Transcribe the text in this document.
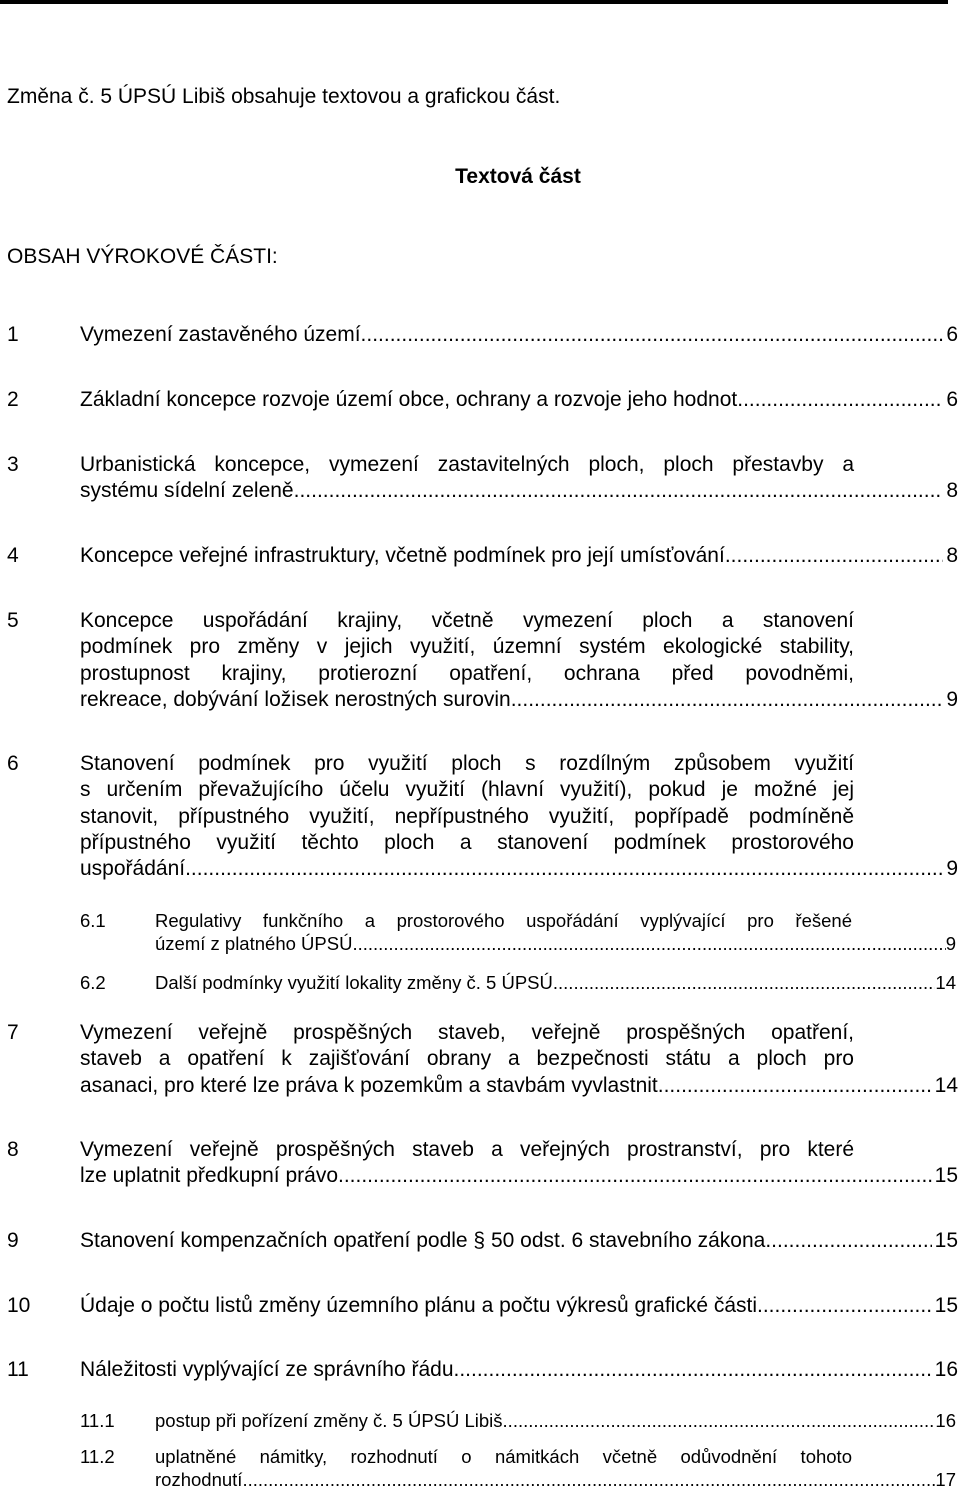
Změna č. 5 ÚPSÚ Libiš obsahuje textovou a grafickou část.
Textová část
OBSAH VÝROKOVÉ ČÁSTI:
1	Vymezení zastavěného území .....	6
2	Základní koncepce rozvoje území obce, ochrany a rozvoje jeho hodnot .....	6
3	Urbanistická koncepce, vymezení zastavitelných ploch, ploch přestavby a
systému sídelní zeleně .....	8
4	Koncepce veřejné infrastruktury, včetně podmínek pro její umísťování .....	8
5	Koncepce uspořádání krajiny, včetně vymezení ploch a stanovení
podmínek pro změny v jejich využití, územní systém ekologické stability,
prostupnost krajiny, protierozní opatření, ochrana před povodněmi,
rekreace, dobývání ložisek nerostných surovin .....	9
6	Stanovení podmínek pro využití ploch s rozdílným způsobem využití
s určením převažujícího účelu využití (hlavní využití), pokud je možné jej
stanovit, přípustného využití, nepřípustného využití, popřípadě podmíněně
přípustného využití těchto ploch a stanovení podmínek prostorového
uspořádání .....	9
6.1	Regulativy funkčního a prostorového uspořádání vyplývající pro řešené
území z platného ÚPSÚ .....	9
6.2	Další podmínky využití lokality změny č. 5 ÚPSÚ .....	14
7	Vymezení veřejně prospěšných staveb, veřejně prospěšných opatření,
staveb a opatření k zajišťování obrany a bezpečnosti státu a ploch pro
asanaci, pro které lze práva k pozemkům a stavbám vyvlastnit .....	14
8	Vymezení veřejně prospěšných staveb a veřejných prostranství, pro které
lze uplatnit předkupní právo .....	15
9	Stanovení kompenzačních opatření podle § 50 odst. 6 stavebního zákona .....	15
10 Údaje o počtu listů změny územního plánu a počtu výkresů grafické části .....	15
11 Náležitosti vyplývající ze správního řádu .....	16
11.1 postup při pořízení změny č. 5 ÚPSÚ Libiš .....	16
11.2 uplatněné námitky, rozhodnutí o námitkách včetně odůvodnění tohoto
rozhodnutí .....	17
